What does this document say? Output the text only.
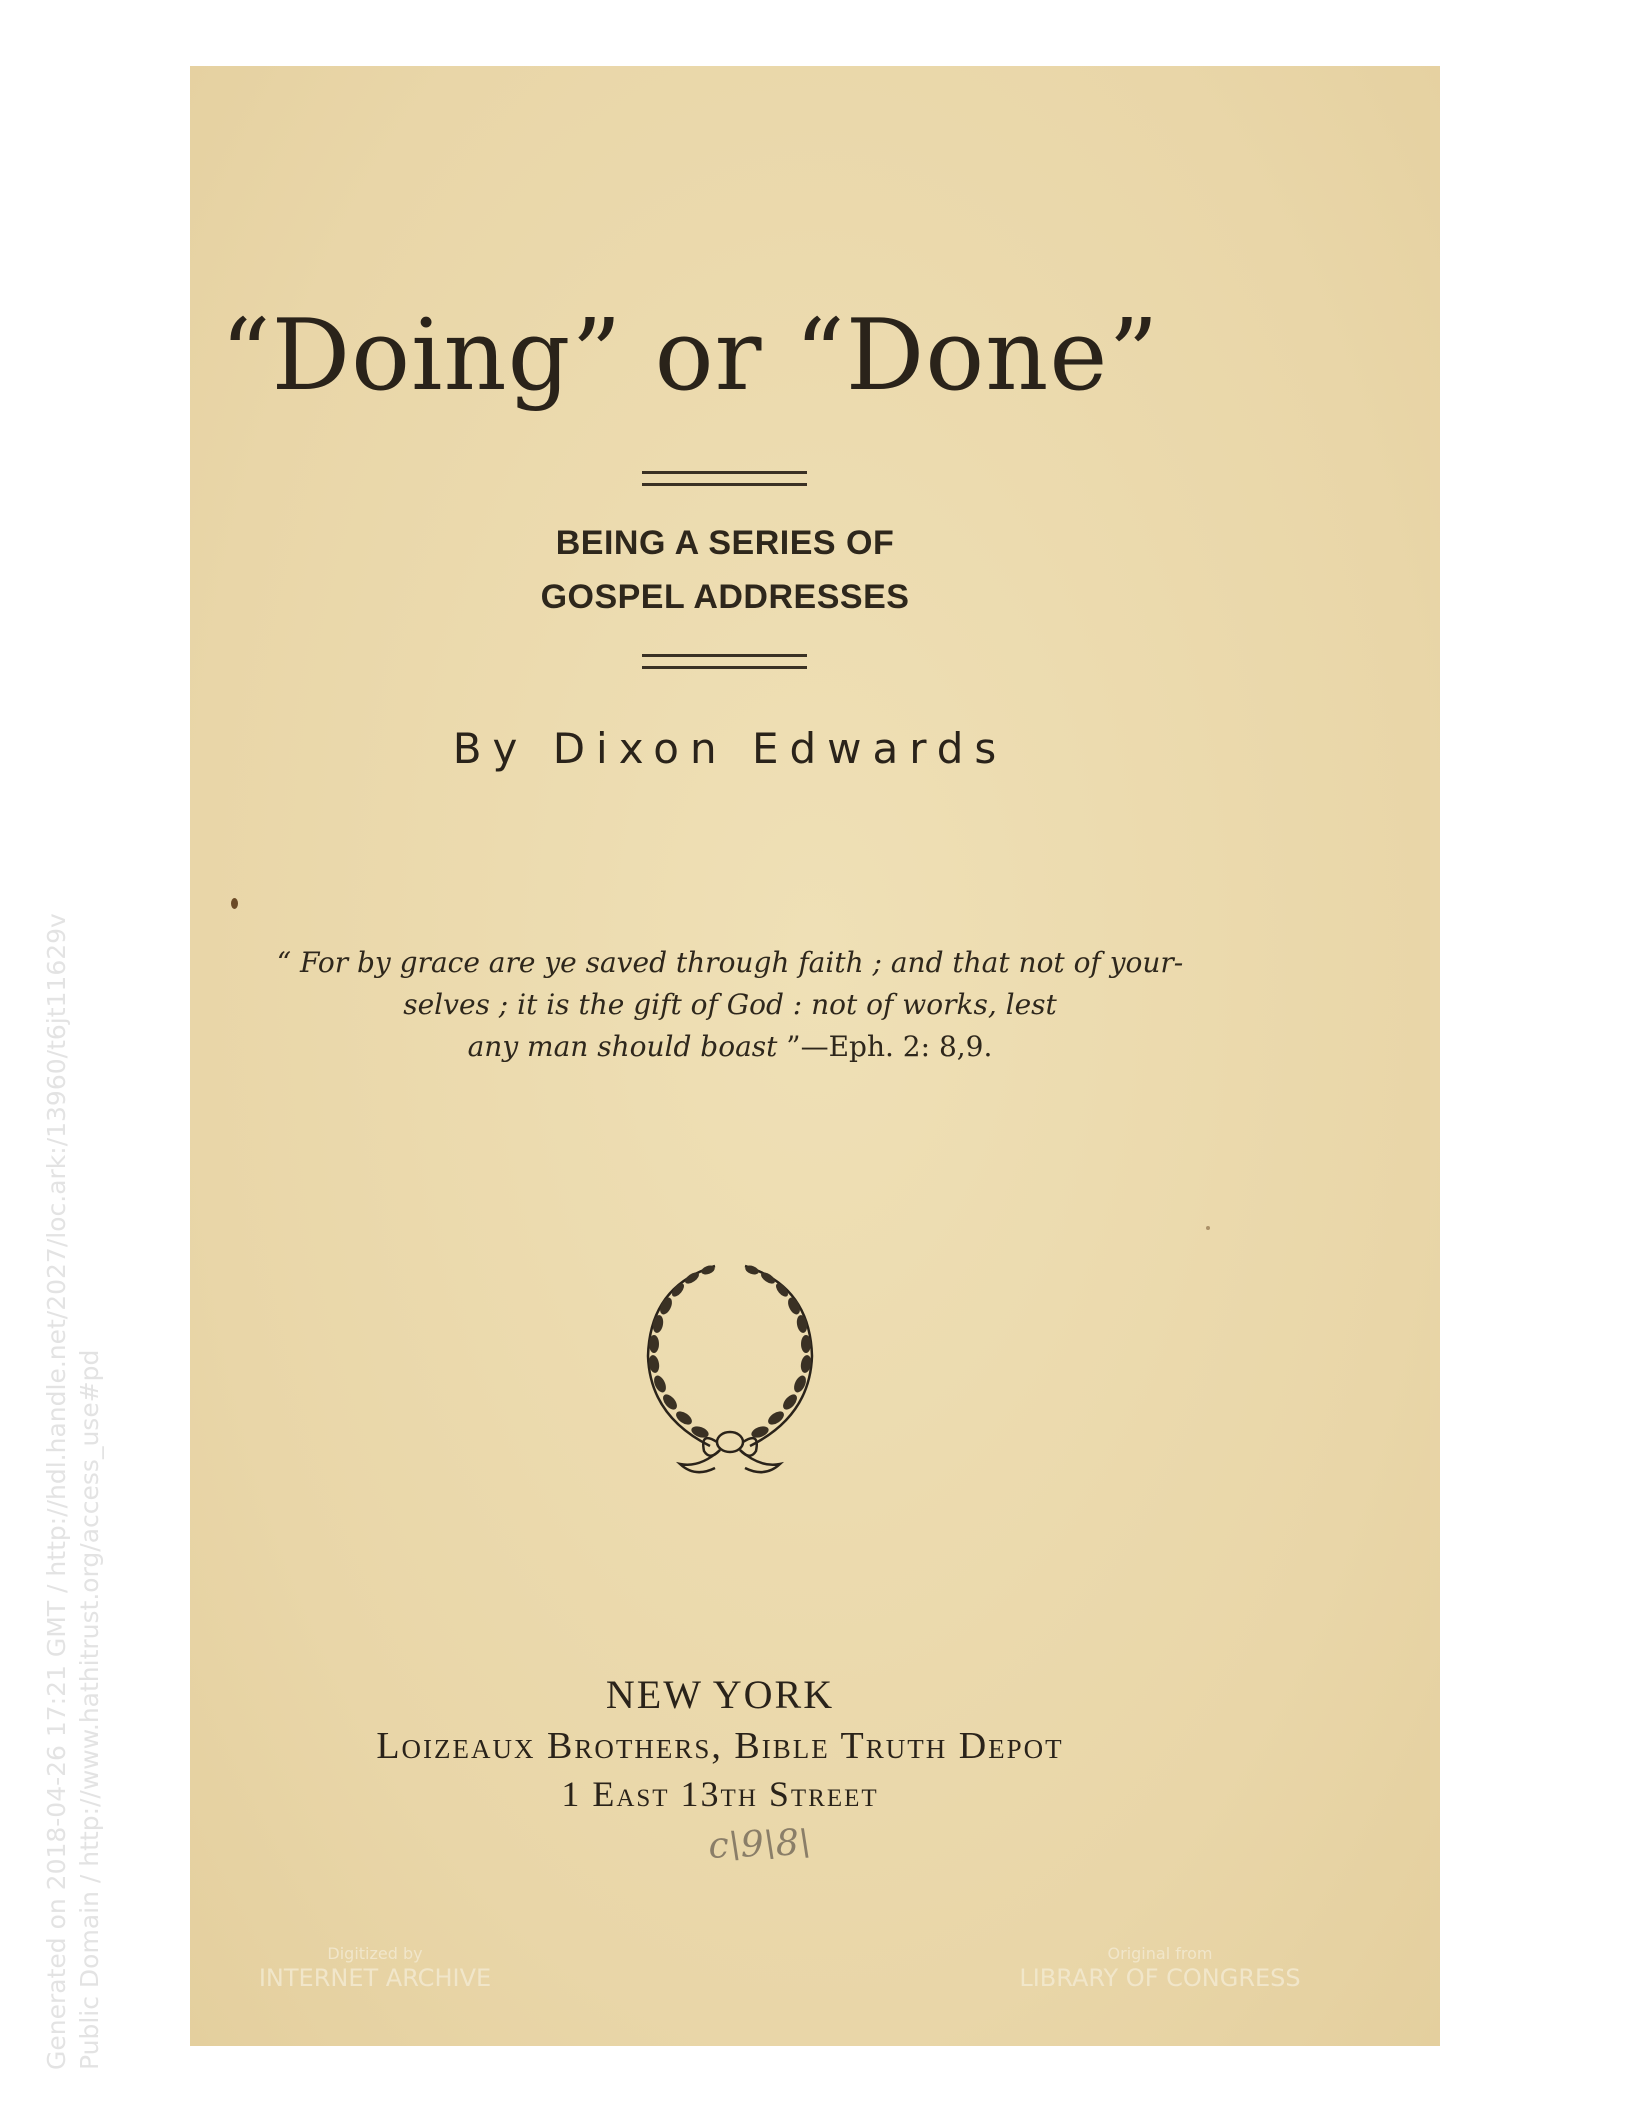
“Doing” or “Done”
BEING A SERIES OF
GOSPEL ADDRESSES
By Dixon Edwards
“ For by grace are ye saved through faith ; and that not of your-
selves ; it is the gift of God : not of works, lest
any man should boast ”—Eph. 2: 8,9.
NEW YORK
Loizeaux Brothers, Bible Truth Depot
1 East 13th Street
c\9\8\
Digitized by
INTERNET ARCHIVE
Original from
LIBRARY OF CONGRESS
Generated on 2018-04-26 17:21 GMT / http://hdl.handle.net/2027/loc.ark:/13960/t6jt11629v Public Domain / http://www.hathitrust.org/access_use#pd
